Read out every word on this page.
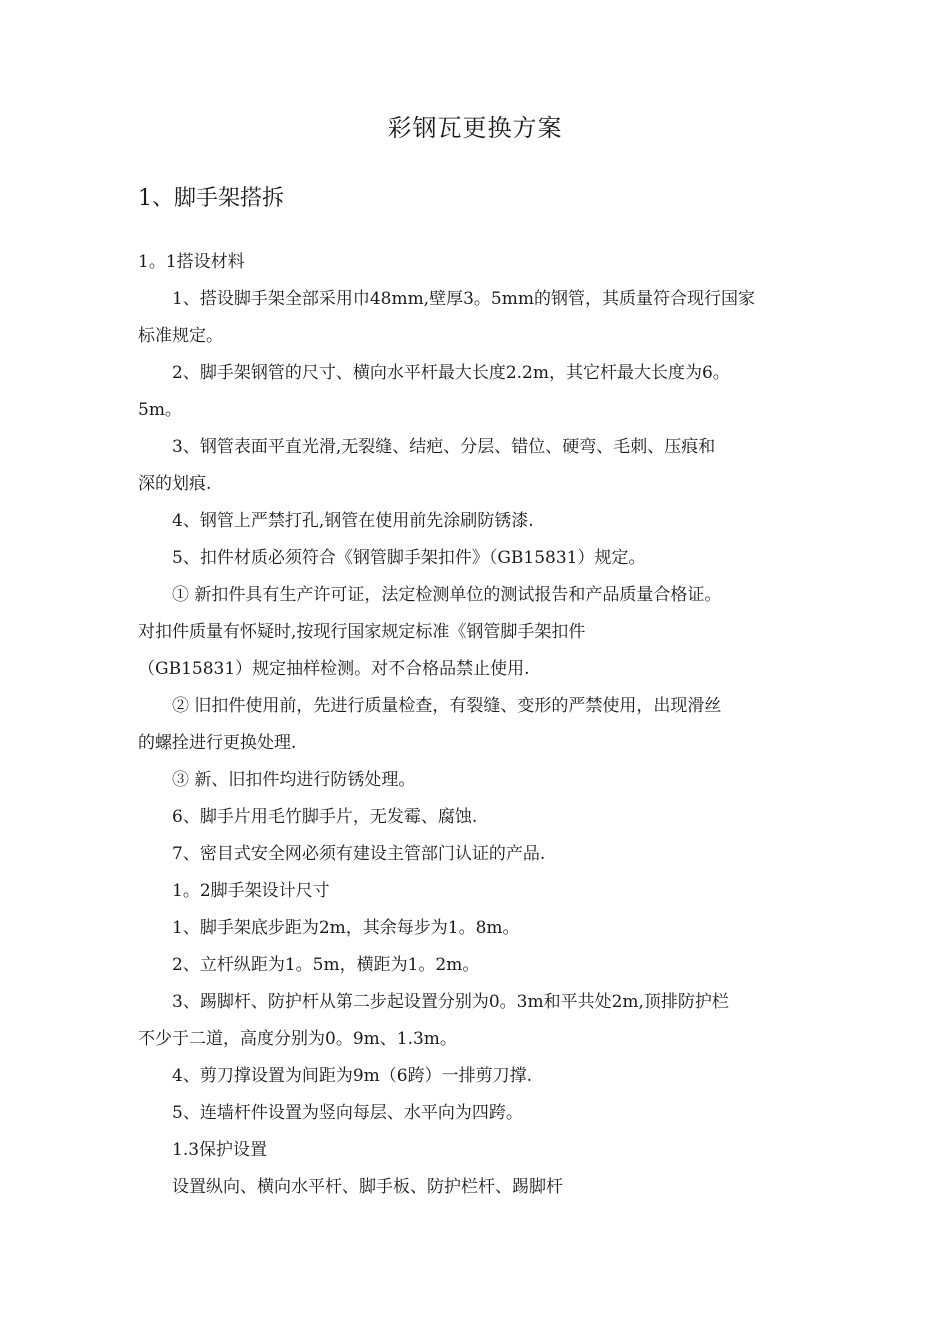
彩钢瓦更换方案
1、脚手架搭拆

1。1搭设材料

1、搭设脚手架全部采用巾48mm,壁厚3。5mm的钢管，其质量符合现行国家

标准规定。

2、脚手架钢管的尺寸、横向水平杆最大长度2.2m，其它杆最大长度为6。

5m。

3、钢管表面平直光滑,无裂缝、结疤、分层、错位、硬弯、毛刺、压痕和

深的划痕.

4、钢管上严禁打孔,钢管在使用前先涂刷防锈漆.

5、扣件材质必须符合《钢管脚手架扣件》（GB15831）规定。

① 新扣件具有生产许可证，法定检测单位的测试报告和产品质量合格证。

对扣件质量有怀疑时,按现行国家规定标准《钢管脚手架扣件

（GB15831）规定抽样检测。对不合格品禁止使用.

② 旧扣件使用前，先进行质量检查，有裂缝、变形的严禁使用，出现滑丝

的螺拴进行更换处理.

③ 新、旧扣件均进行防锈处理。

6、脚手片用毛竹脚手片，无发霉、腐蚀.

7、密目式安全网必须有建设主管部门认证的产品.

1。2脚手架设计尺寸

1、脚手架底步距为2m，其余每步为1。8m。

2、立杆纵距为1。5m，横距为1。2m。

3、踢脚杆、防护杆从第二步起设置分别为0。3m和平共处2m,顶排防护栏

不少于二道，高度分别为0。9m、1.3m。

4、剪刀撑设置为间距为9m（6跨）一排剪刀撑.

5、连墙杆件设置为竖向每层、水平向为四跨。

1.3保护设置

设置纵向、横向水平杆、脚手板、防护栏杆、踢脚杆
